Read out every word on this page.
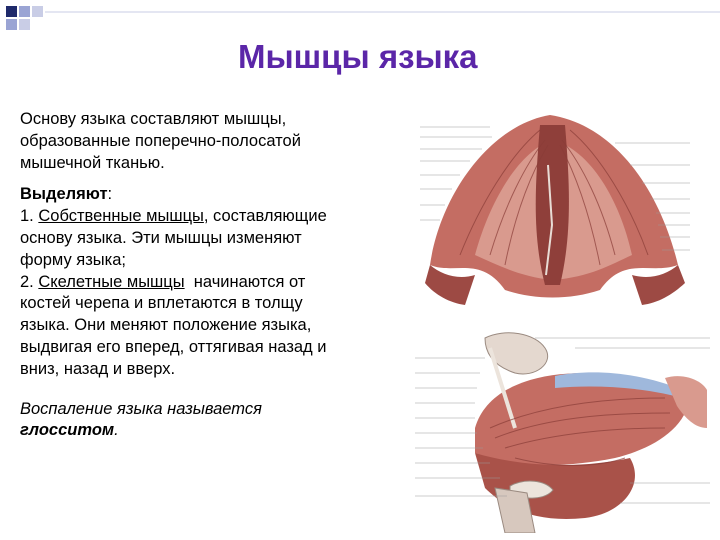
Мышцы языка

Основу языка составляют мышцы,

образованные поперечно-полосатой

мышечной тканью.

Выделяют:

1. Собственные мышцы, составляющие

основу языка. Эти мышцы изменяют

форму языка;

2. Скелетные мышцы  начинаются от

костей черепа и вплетаются в толщу

языка. Они меняют положение языка,

выдвигая его вперед, оттягивая назад и

вниз, назад и вверх.

Воспаление языка называется

глосситом.
